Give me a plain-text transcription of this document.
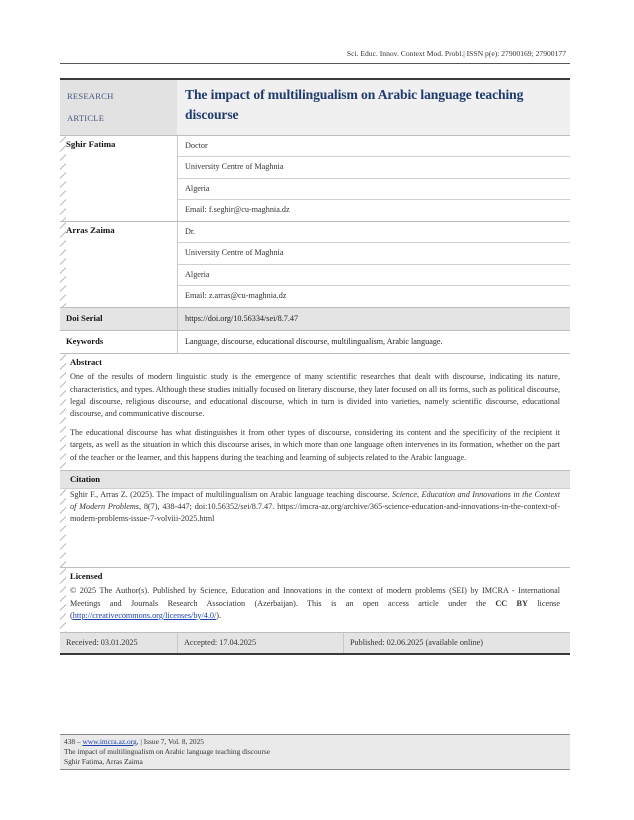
Sci. Educ. Innov. Context Mod. Probl.| ISSN p(e): 27900169; 27900177
RESEARCH
ARTICLE
The impact of multilingualism on Arabic language teaching discourse
Sghir Fatima	Doctor
University Centre of Maghnia
Algeria
Email: f.seghir@cu-maghnia.dz
Arras Zaima	Dr.
University Centre of Maghnia
Algeria
Email: z.arras@cu-maghnia.dz
Doi Serial	https://doi.org/10.56334/sei/8.7.47
Keywords	Language, discourse, educational discourse, multilingualism, Arabic language.
Abstract

One of the results of modern linguistic study is the emergence of many scientific researches that dealt with discourse, indicating its nature, characteristics, and types. Although these studies initially focused on literary discourse, they later focused on all its forms, such as political discourse, legal discourse, religious discourse, and educational discourse, which in turn is divided into varieties, namely scientific discourse, educational discourse, and communicative discourse.

The educational discourse has what distinguishes it from other types of discourse, considering its content and the specificity of the recipient it targets, as well as the situation in which this discourse arises, in which more than one language often intervenes in its formation, whether on the part of the teacher or the learner, and this happens during the teaching and learning of subjects related to the Arabic language.

Citation

Sghir F., Arras Z. (2025). The impact of multilingualism on Arabic language teaching discourse. Science, Education and Innovations in the Context of Modern Problems, 8(7), 438-447; doi:10.56352/sei/8.7.47. https://imcra-az.org/archive/365-science-education-and-innovations-in-the-context-of-modern-problems-issue-7-volviii-2025.html

Licensed

© 2025 The Author(s). Published by Science, Education and Innovations in the context of modern problems (SEI) by IMCRA - International Meetings and Journals Research Association (Azerbaijan). This is an open access article under the CC BY license (http://creativecommons.org/licenses/by/4.0/).

Received: 03.01.2025	Accepted: 17.04.2025	Published: 02.06.2025 (available online)
438 – www.imcra.az.org, | Issue 7, Vol. 8, 2025
The impact of multilingualism on Arabic language teaching discourse
Sghir Fatima, Arras Zaima
